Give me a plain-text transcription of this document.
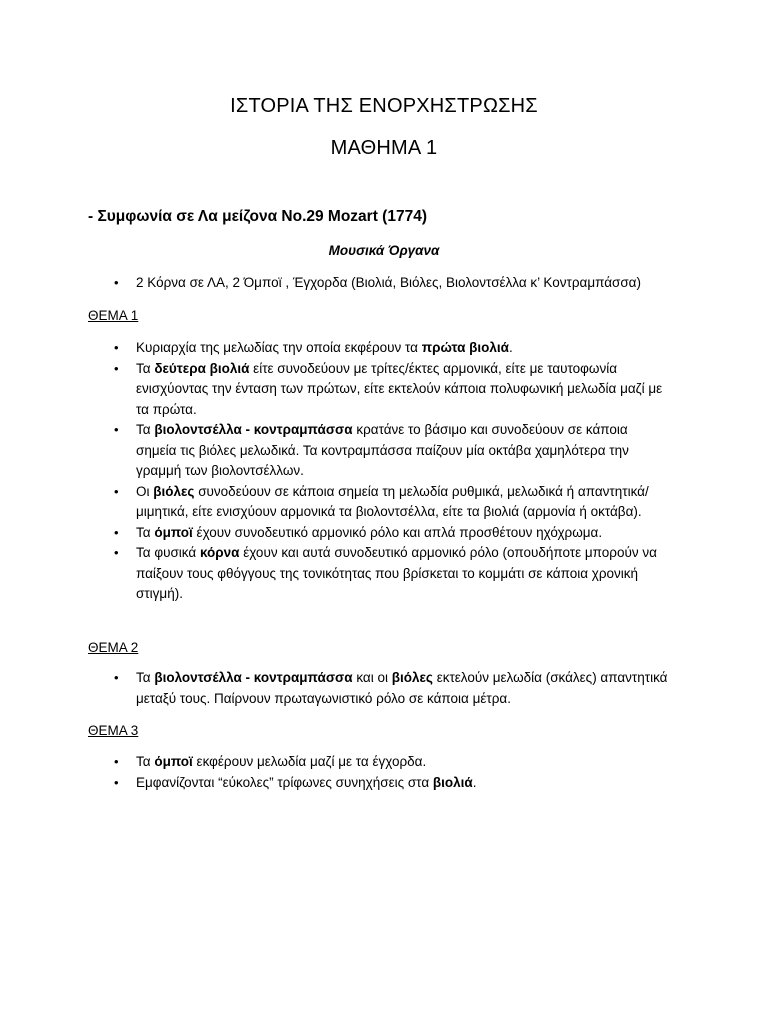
ΙΣΤΟΡΙΑ ΤΗΣ ΕΝΟΡΧΗΣΤΡΩΣΗΣ
ΜΑΘΗΜΑ 1
- Συμφωνία σε Λα μείζονα No.29 Mozart (1774)
Μουσικά Όργανα
• 2 Κόρνα σε ΛΑ, 2 Όμποϊ , Έγχορδα (Βιολιά, Βιόλες, Βιολοντσέλλα κ’ Κοντραμπάσσα)
ΘΕΜΑ 1
• Κυριαρχία της μελωδίας την οποία εκφέρουν τα πρώτα βιολιά.
• Τα δεύτερα βιολιά είτε συνοδεύουν με τρίτες/έκτες αρμονικά, είτε με ταυτοφωνία ενισχύοντας την ένταση των πρώτων, είτε εκτελούν κάποια πολυφωνική μελωδία μαζί με τα πρώτα.
• Τα βιολοντσέλλα - κοντραμπάσσα κρατάνε το βάσιμο και συνοδεύουν σε κάποια σημεία τις βιόλες μελωδικά. Τα κοντραμπάσσα παίζουν μία οκτάβα χαμηλότερα την γραμμή των βιολοντσέλλων.
• Οι βιόλες συνοδεύουν σε κάποια σημεία τη μελωδία ρυθμικά, μελωδικά ή απαντητικά/μιμητικά, είτε ενισχύουν αρμονικά τα βιολοντσέλλα, είτε τα βιολιά (αρμονία ή οκτάβα).
• Τα όμποϊ έχουν συνοδευτικό αρμονικό ρόλο και απλά προσθέτουν ηχόχρωμα.
• Τα φυσικά κόρνα έχουν και αυτά συνοδευτικό αρμονικό ρόλο (οπουδήποτε μπορούν να παίξουν τους φθόγγους της τονικότητας που βρίσκεται το κομμάτι σε κάποια χρονική στιγμή).
ΘΕΜΑ 2
• Τα βιολοντσέλλα - κοντραμπάσσα και οι βιόλες εκτελούν μελωδία (σκάλες) απαντητικά μεταξύ τους. Παίρνουν πρωταγωνιστικό ρόλο σε κάποια μέτρα.
ΘΕΜΑ 3
• Τα όμποϊ εκφέρουν μελωδία μαζί με τα έγχορδα.
• Εμφανίζονται “εύκολες” τρίφωνες συνηχήσεις στα βιολιά.
